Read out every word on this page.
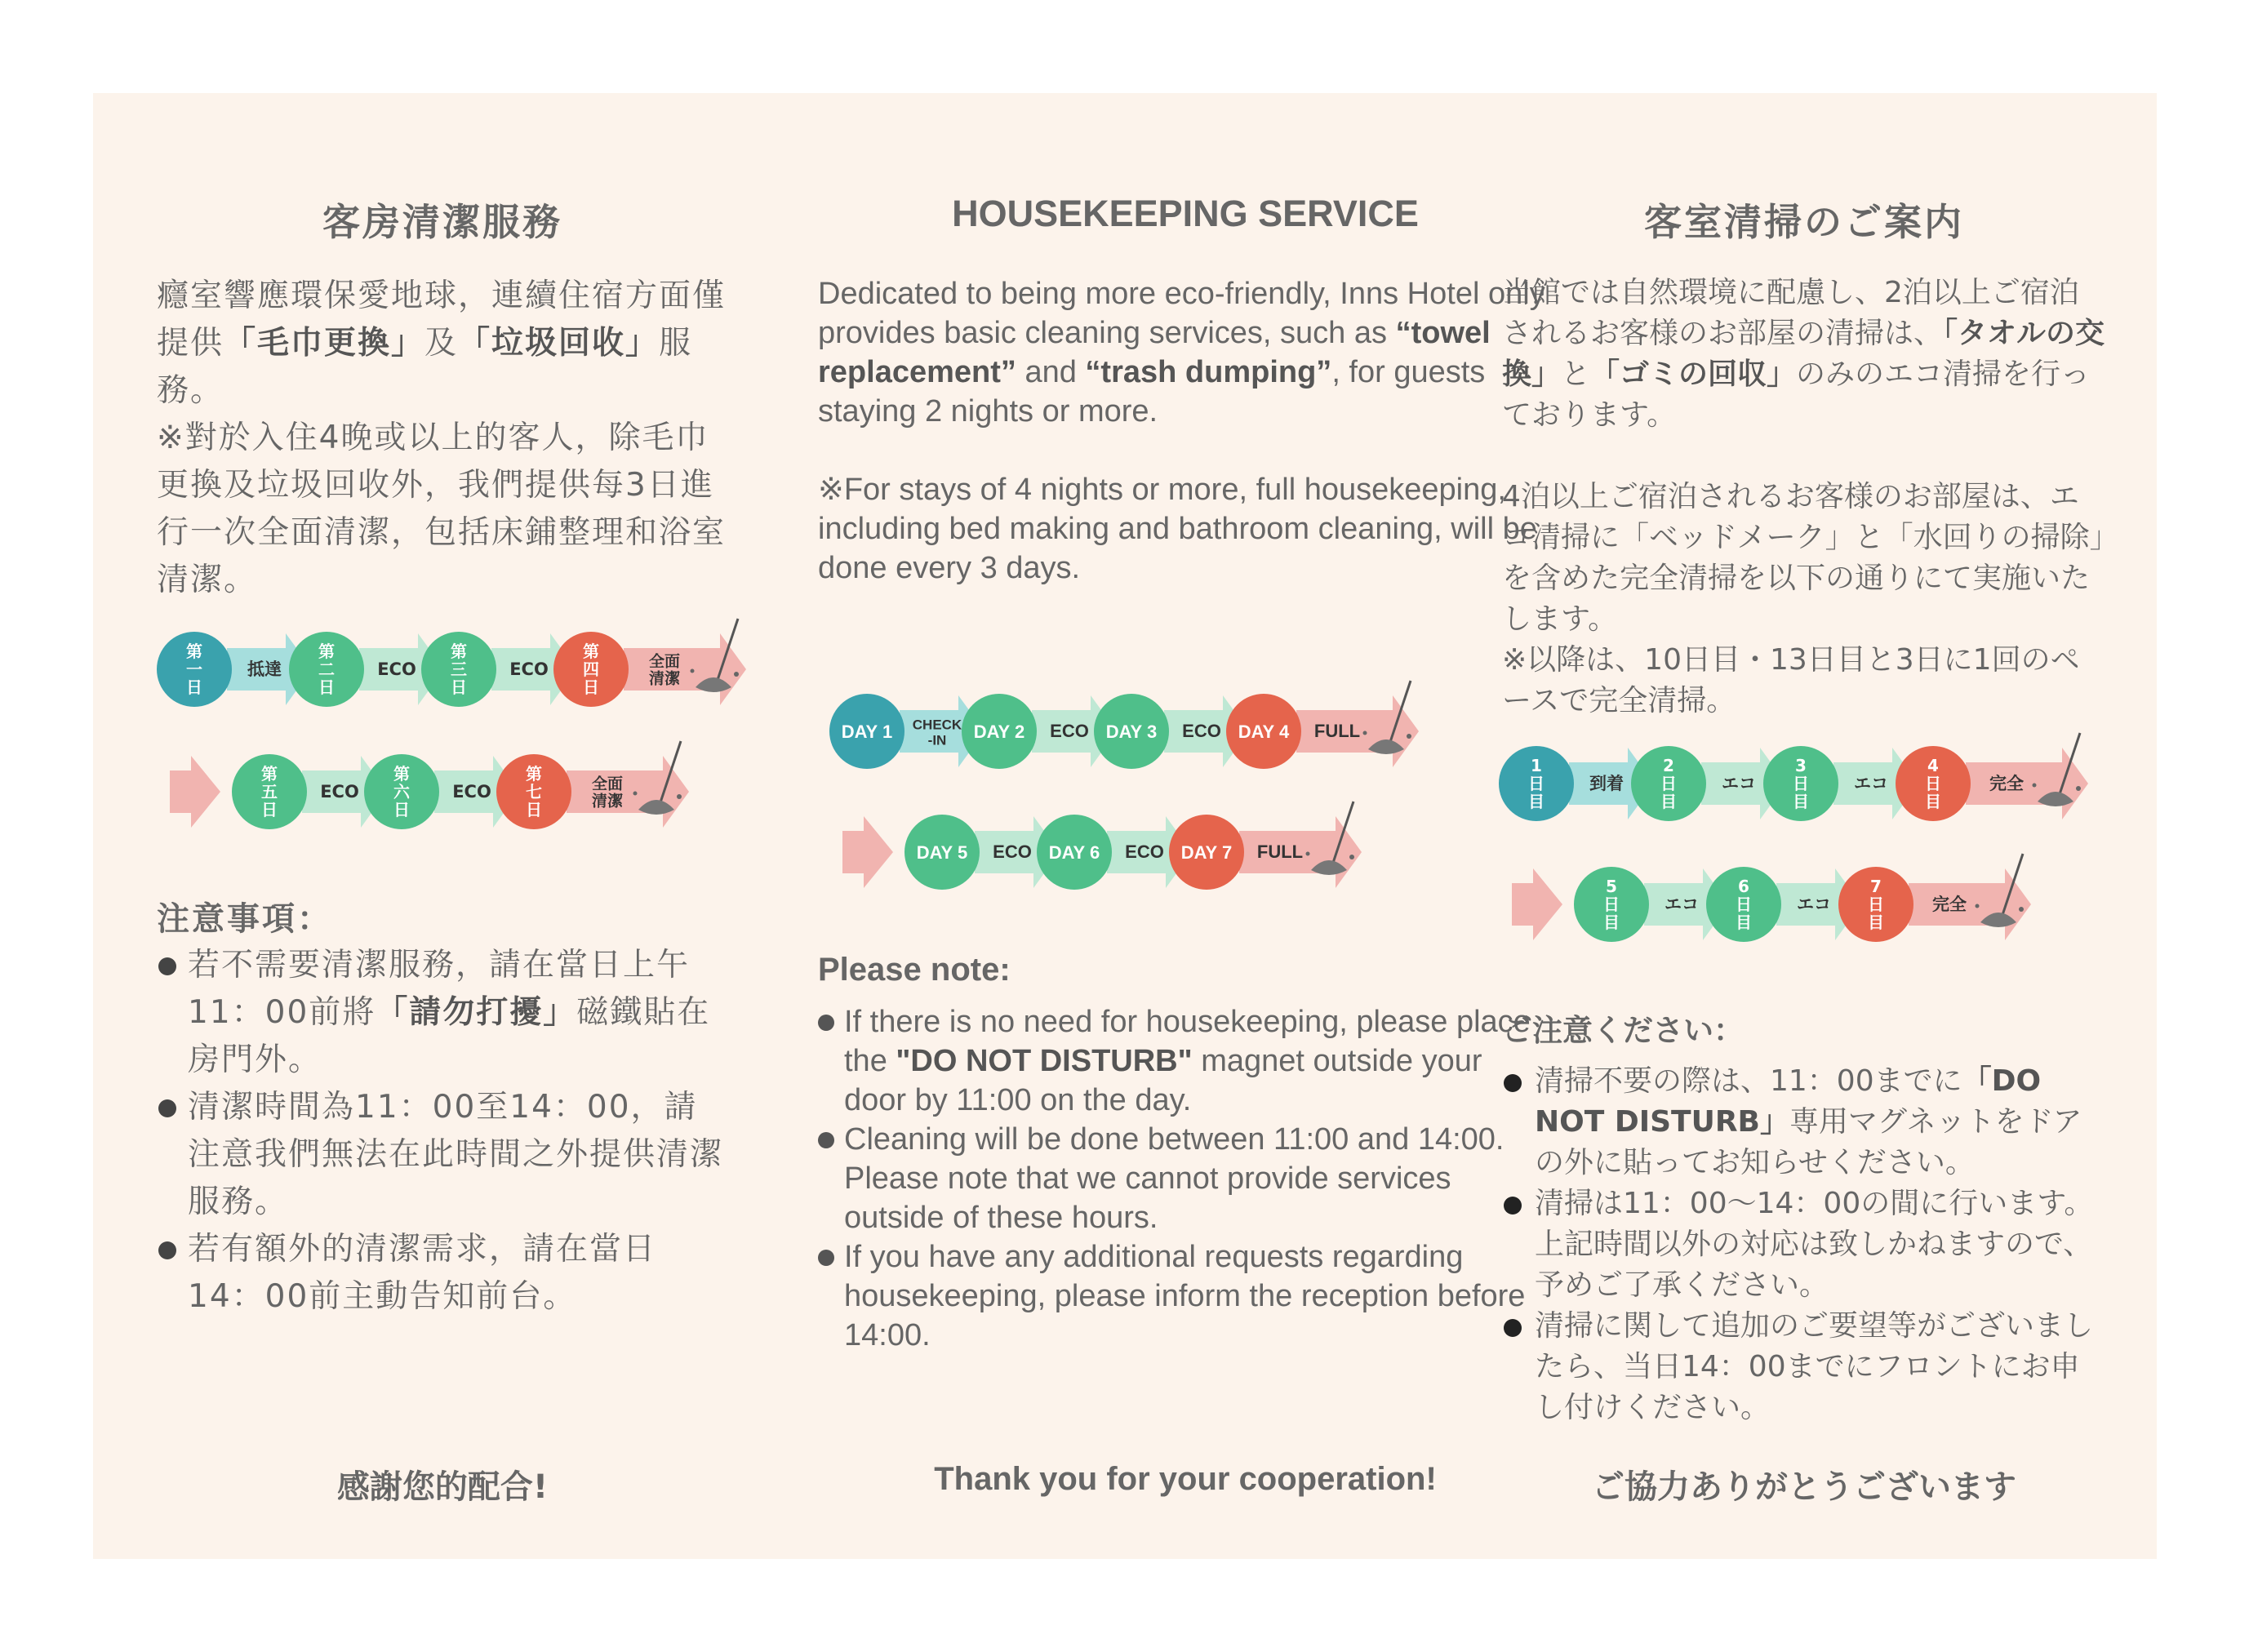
客房清潔服務

癮室響應環保愛地球，連續住宿方面僅提供「毛巾更換」及「垃圾回收」服務。

※對於入住4晚或以上的客人，除毛巾更換及垃圾回收外，我們提供每3日進行一次全面清潔，包括床鋪整理和浴室清潔。

第
一
日
抵達
第
二
日
ECO
第
三
日
ECO
第
四
日
全面
清潔
第
五
日
ECO
第
六
日
ECO
第
七
日
全面
清潔
注意事項：
若不需要清潔服務，請在當日上午11：00前將「請勿打擾」磁鐵貼在房門外。
清潔時間為11：00至14：00，請注意我們無法在此時間之外提供清潔服務。
若有額外的清潔需求，請在當日14：00前主動告知前台。
感謝您的配合!
HOUSEKEEPING SERVICE

Dedicated to being more eco-friendly, Inns Hotel only provides basic cleaning services, such as “towel replacement” and “trash dumping”, for guests staying 2 nights or more.

※For stays of 4 nights or more, full housekeeping, including bed making and bathroom cleaning, will be done every 3 days.

DAY 1 CHECK
-IN DAY 2 ECO DAY 3 ECO DAY 4 FULL
DAY 5 ECO DAY 6 ECO DAY 7 FULL
Please note:
If there is no need for housekeeping, please place the "DO NOT DISTURB" magnet outside your door by 11:00 on the day.
Cleaning will be done between 11:00 and 14:00. Please note that we cannot provide services outside of these hours.
If you have any additional requests regarding housekeeping, please inform the reception before 14:00.
Thank you for your cooperation!
客室清掃のご案内

当館では自然環境に配慮し、2泊以上ご宿泊されるお客様のお部屋の清掃は、「タオルの交換」と「ゴミの回収」のみのエコ清掃を行っております。

4泊以上ご宿泊されるお客様のお部屋は、エコ清掃に「ベッドメーク」と「水回りの掃除」を含めた完全清掃を以下の通りにて実施いたします。

※以降は、10日目・13日目と3日に1回のペースで完全清掃。

1
日
目
到着
2
日
目
エコ
3
日
目
エコ
4
日
目
完全
5
日
目
エコ
6
日
目
エコ
7
日
目
完全
ご注意ください：
清掃不要の際は、11：00までに「DO NOT DISTURB」専用マグネットをドアの外に貼ってお知らせください。
清掃は11：00～14：00の間に行います。上記時間以外の対応は致しかねますので、予めご了承ください。
清掃に関して追加のご要望等がございましたら、当日14：00までにフロントにお申し付けください。
ご協力ありがとうございます
